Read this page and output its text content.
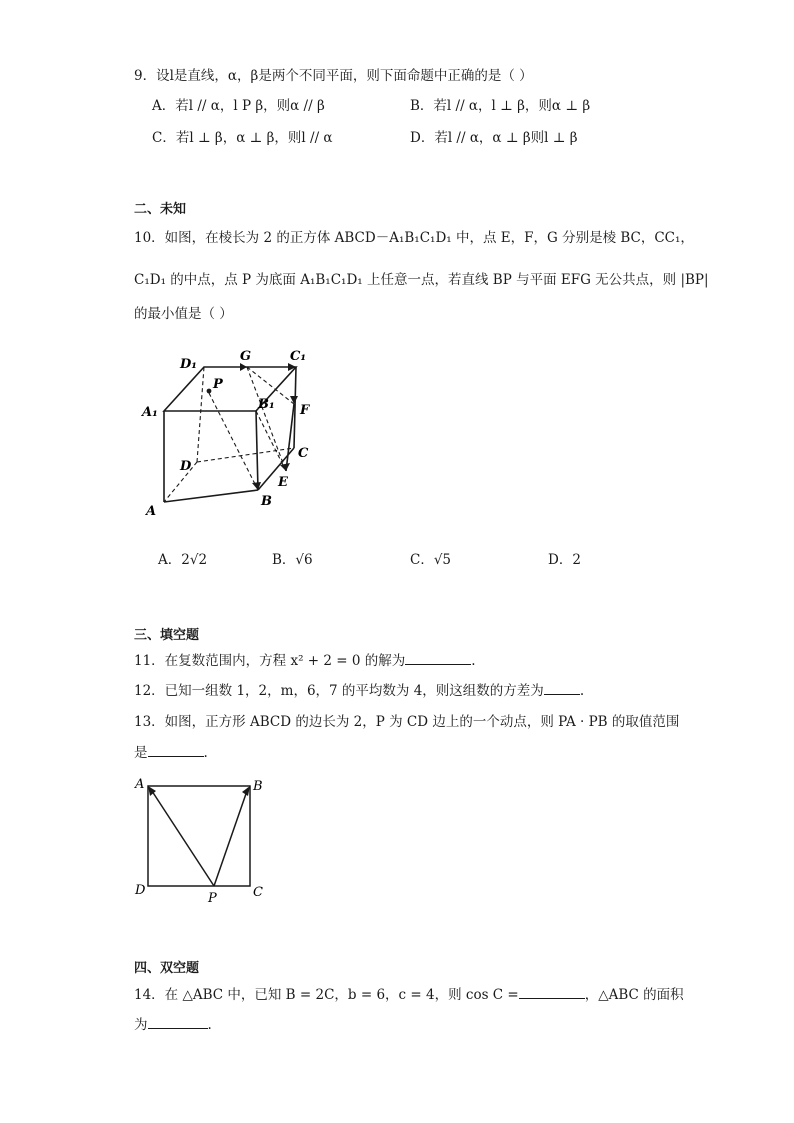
9．设l是直线，α，β是两个不同平面，则下面命题中正确的是（ ）
A．若l // α，l P β，则α // β	B．若l // α，l ⊥ β，则α ⊥ β
C．若l ⊥ β，α ⊥ β，则l // α	D．若l // α，α ⊥ β则l ⊥ β
二、未知
10．如图，在棱长为 2 的正方体 ABCD－A₁B₁C₁D₁ 中，点 E，F，G 分别是棱 BC，CC₁，
C₁D₁ 的中点，点 P 为底面 A₁B₁C₁D₁ 上任意一点，若直线 BP 与平面 EFG 无公共点，则 |BP|
的最小值是（ ）
A
B
C
D
A₁
B₁
C₁
D₁
E
F
G
P
A．2√2	B．√6	C．√5	D．2
三、填空题
11．在复数范围内，方程 x² + 2 = 0 的解为	.
12．已知一组数 1，2，m，6，7 的平均数为 4，则这组数的方差为	.
13．如图，正方形 ABCD 的边长为 2，P 为 CD 边上的一个动点，则 PA · PB 的取值范围
是	.
A	B
C
D
P
四、双空题
14．在 △ABC 中，已知 B = 2C，b = 6，c = 4，则 cos C =	，△ABC 的面积
为	.
